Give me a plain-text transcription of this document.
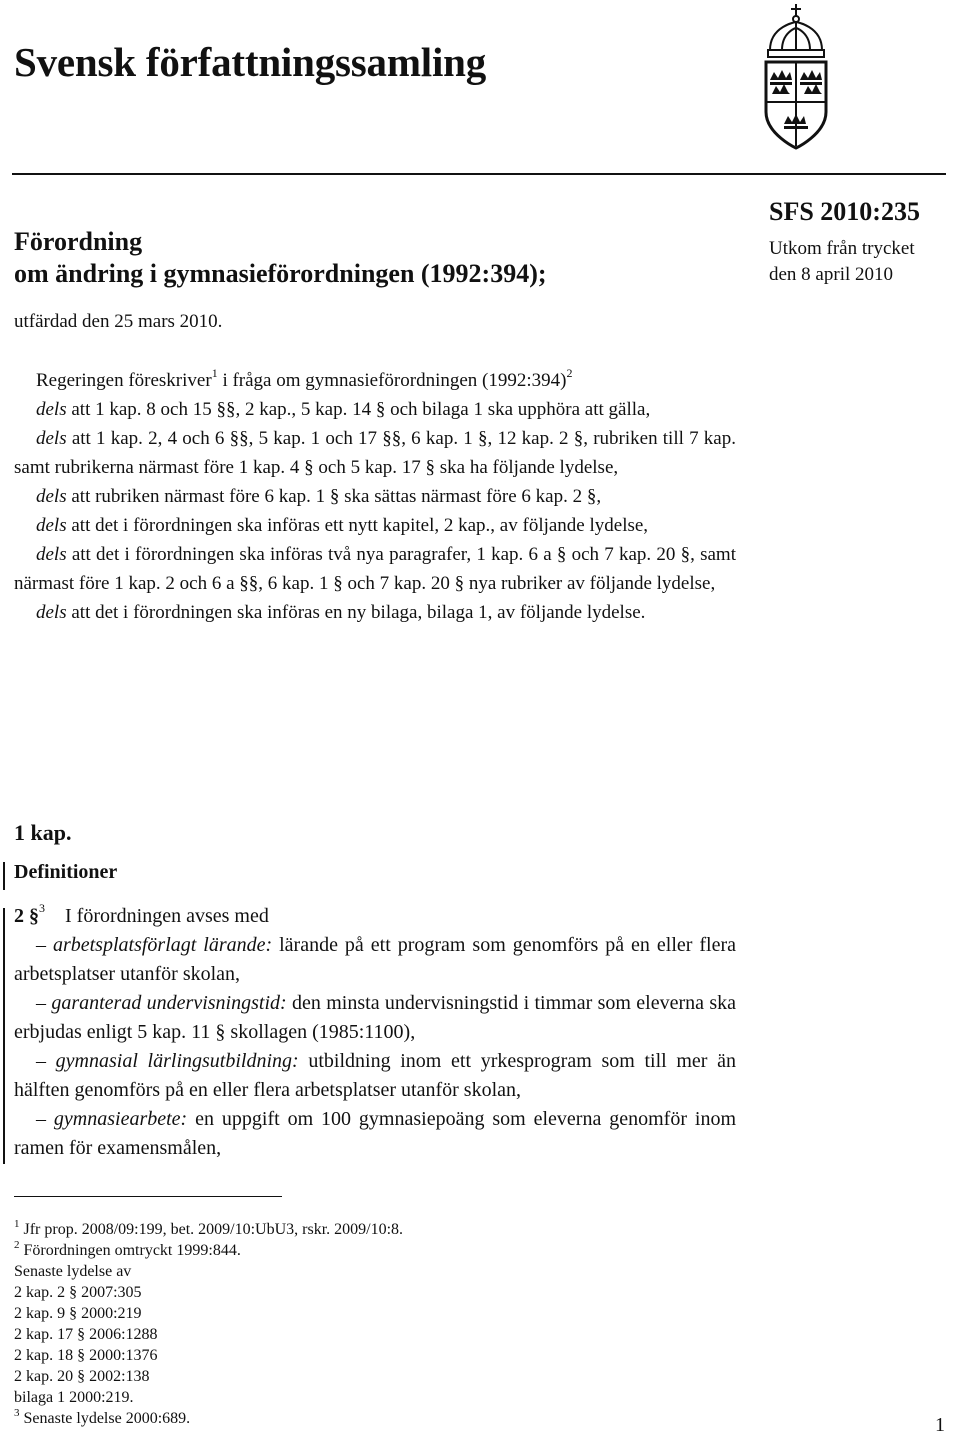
Svensk författningssamling
Förordning
om ändring i gymnasieförordningen (1992:394);
SFS 2010:235
Utkom från trycket
den 8 april 2010
utfärdad den 25 mars 2010.

Regeringen föreskriver$^1$ i fråga om gymnasieförordningen (1992:394)$^2$

dels att 1 kap. 8 och 15 §§, 2 kap., 5 kap. 14 § och bilaga 1 ska upphöra att gälla,

dels att 1 kap. 2, 4 och 6 §§, 5 kap. 1 och 17 §§, 6 kap. 1 §, 12 kap. 2 §, rubriken till 7 kap. samt rubrikerna närmast före 1 kap. 4 § och 5 kap. 17 § ska ha följande lydelse,

dels att rubriken närmast före 6 kap. 1 § ska sättas närmast före 6 kap. 2 §,

dels att det i förordningen ska införas ett nytt kapitel, 2 kap., av följande lydelse,

dels att det i förordningen ska införas två nya paragrafer, 1 kap. 6 a § och 7 kap. 20 §, samt närmast före 1 kap. 2 och 6 a §§, 6 kap. 1 § och 7 kap. 20 § nya rubriker av följande lydelse,

dels att det i förordningen ska införas en ny bilaga, bilaga 1, av följande lydelse.

1 kap.
Definitioner

2 §$^3$ I förordningen avses med

– arbetsplatsförlagt lärande: lärande på ett program som genomförs på en eller flera arbetsplatser utanför skolan,

– garanterad undervisningstid: den minsta undervisningstid i timmar som eleverna ska erbjudas enligt 5 kap. 11 § skollagen (1985:1100),

– gymnasial lärlingsutbildning: utbildning inom ett yrkesprogram som till mer än hälften genomförs på en eller flera arbetsplatser utanför skolan,

– gymnasiearbete: en uppgift om 100 gymnasiepoäng som eleverna genomför inom ramen för examensmålen,

$^1$ Jfr prop. 2008/09:199, bet. 2009/10:UbU3, rskr. 2009/10:8.
$^2$ Förordningen omtryckt 1999:844.
Senaste lydelse av
2 kap. 2 § 2007:305
2 kap. 9 § 2000:219
2 kap. 17 § 2006:1288
2 kap. 18 § 2000:1376
2 kap. 20 § 2002:138
bilaga 1 2000:219.
$^3$ Senaste lydelse 2000:689.	1
